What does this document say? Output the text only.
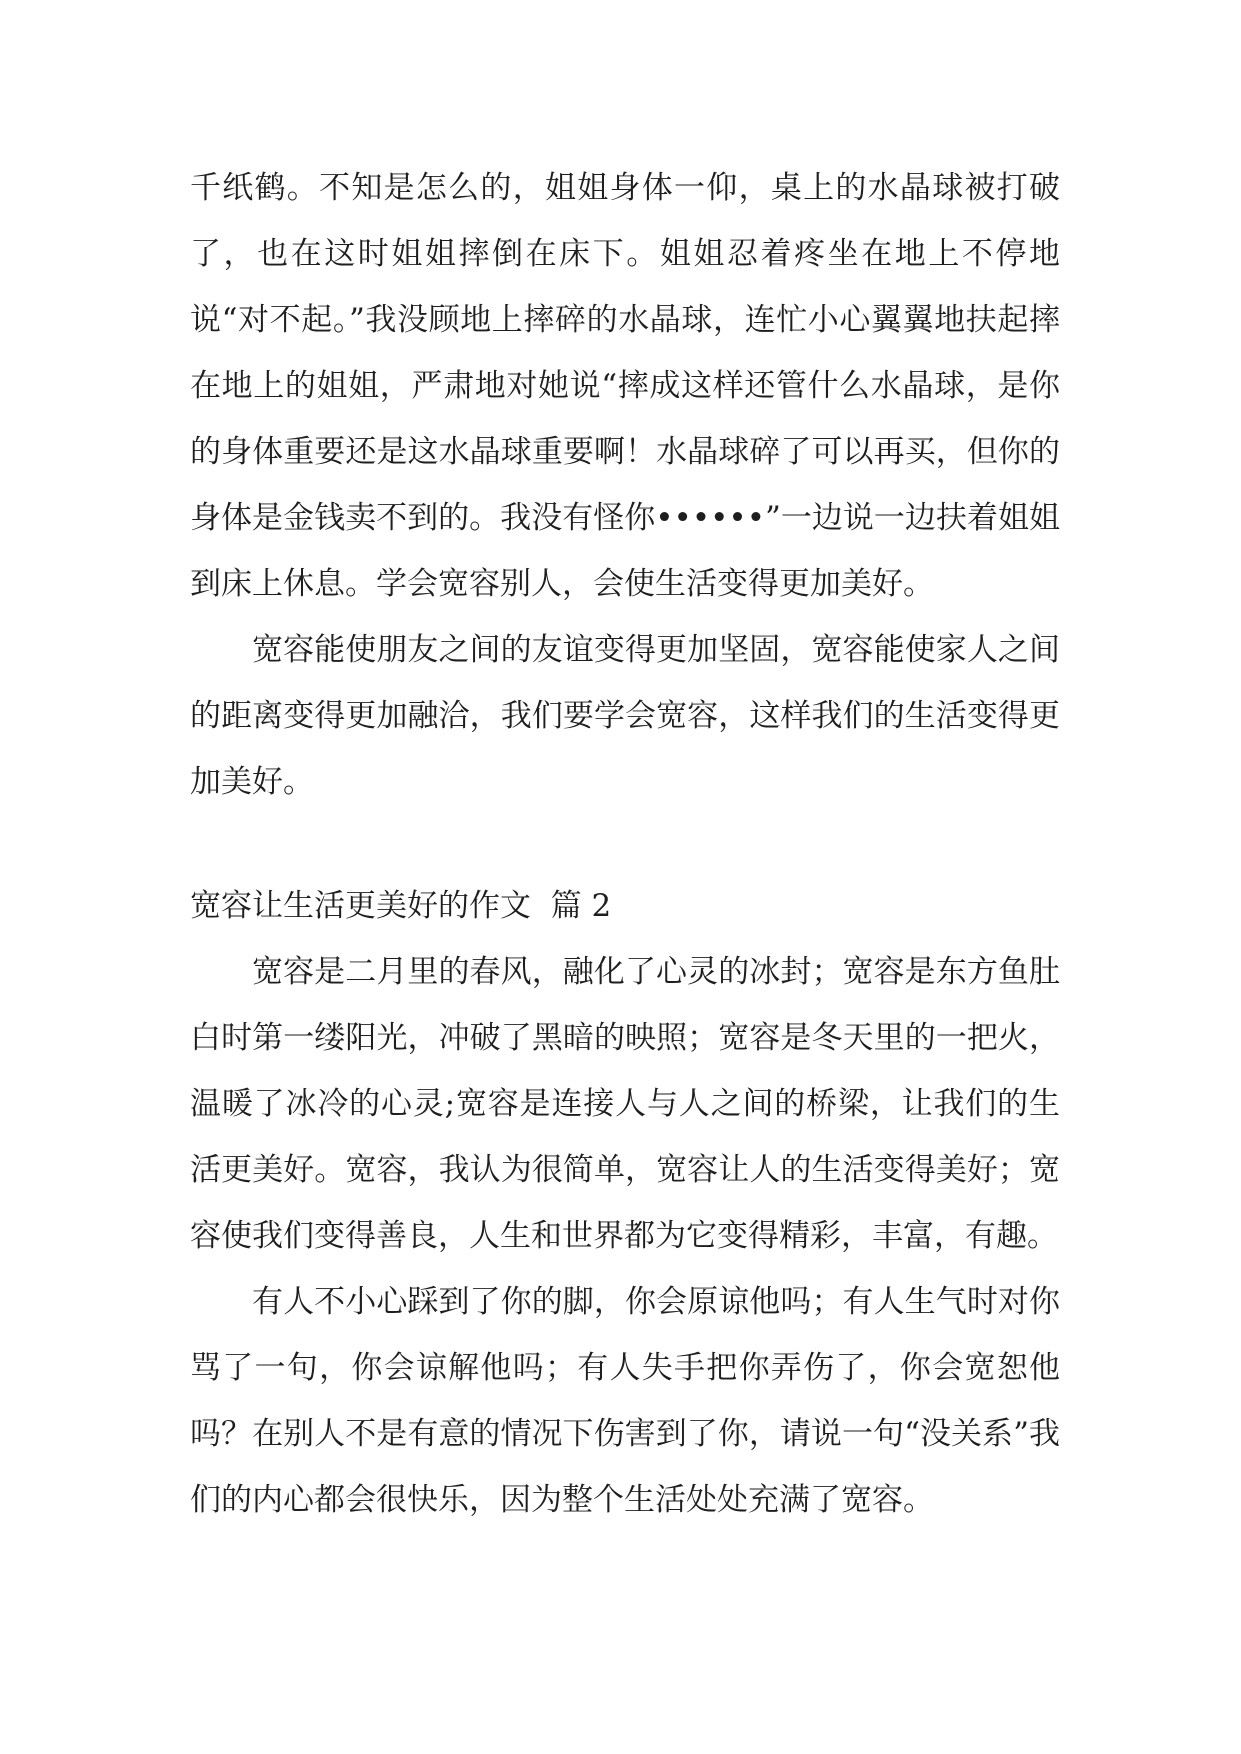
千纸鹤。不知是怎么的，姐姐身体一仰，桌上的水晶球被打破了，也在这时姐姐摔倒在床下。姐姐忍着疼坐在地上不停地说“对不起。”我没顾地上摔碎的水晶球，连忙小心翼翼地扶起摔在地上的姐姐，严肃地对她说“摔成这样还管什么水晶球，是你的身体重要还是这水晶球重要啊！水晶球碎了可以再买，但你的身体是金钱卖不到的。我没有怪你••••••”一边说一边扶着姐姐到床上休息。学会宽容别人，会使生活变得更加美好。

宽容能使朋友之间的友谊变得更加坚固，宽容能使家人之间的距离变得更加融洽，我们要学会宽容，这样我们的生活变得更加美好。

宽容让生活更美好的作文  篇 2

宽容是二月里的春风，融化了心灵的冰封；宽容是东方鱼肚白时第一缕阳光，冲破了黑暗的映照；宽容是冬天里的一把火，温暖了冰冷的心灵;宽容是连接人与人之间的桥梁，让我们的生活更美好。宽容，我认为很简单，宽容让人的生活变得美好；宽容使我们变得善良，人生和世界都为它变得精彩，丰富，有趣。

有人不小心踩到了你的脚，你会原谅他吗；有人生气时对你骂了一句，你会谅解他吗；有人失手把你弄伤了，你会宽恕他吗？在别人不是有意的情况下伤害到了你，请说一句“没关系”我们的内心都会很快乐，因为整个生活处处充满了宽容。
